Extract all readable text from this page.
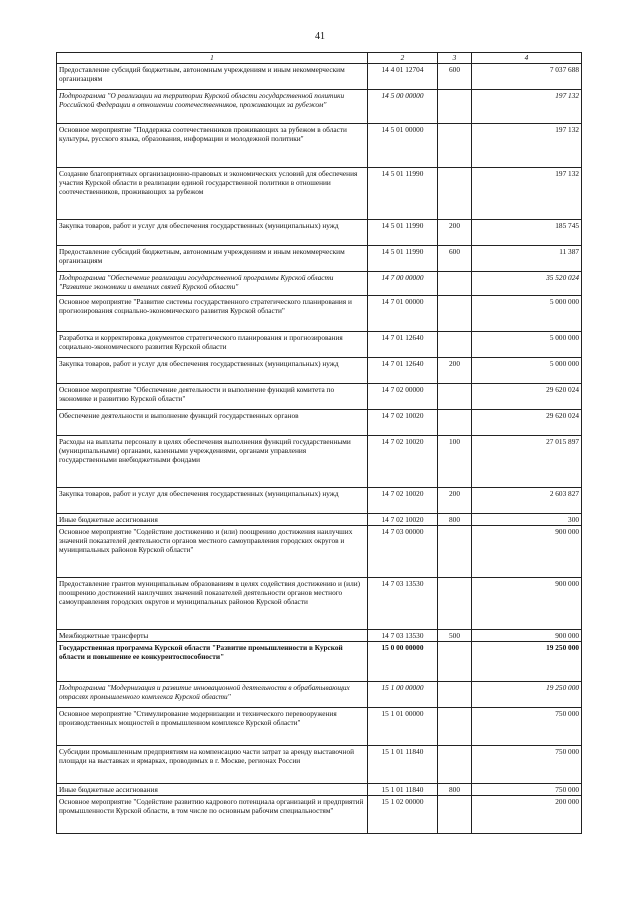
41
1	2	3	4
Предоставление субсидий бюджетным, автономным учреждениям и иным некоммерческим организациям	14 4 01 12704	600	7 037 688
Подпрограмма "О реализации на территории Курской области государственной политики Российской Федерации в отношении соотечественников, проживающих за рубежом"	14 5 00 00000		197 132
Основное мероприятие "Поддержка соотечественников проживающих за рубежом в области культуры, русского языка, образования, информации и молодежной политики"	14 5 01 00000		197 132
Создание благоприятных организационно-правовых и экономических условий для обеспечения участия Курской области в реализации единой государственной политики в отношении соотечественников, проживающих за рубежом	14 5 01 11990		197 132
Закупка товаров, работ и услуг для обеспечения государственных (муниципальных) нужд	14 5 01 11990	200	185 745
Предоставление субсидий бюджетным, автономным учреждениям и иным некоммерческим организациям	14 5 01 11990	600	11 387
Подпрограмма "Обеспечение реализации государственной программы Курской области "Развитие экономики и внешних связей Курской области"	14 7 00 00000		35 520 024
Основное мероприятие "Развитие системы государственного стратегического планирования и прогнозирования социально-экономического развития Курской области"	14 7 01 00000		5 000 000
Разработка и корректировка документов стратегического планирования и прогнозирования социально-экономического развития Курской области	14 7 01 12640		5 000 000
Закупка товаров, работ и услуг для обеспечения государственных (муниципальных) нужд	14 7 01 12640	200	5 000 000
Основное мероприятие "Обеспечение деятельности и выполнение функций комитета по экономике и развитию Курской области"	14 7 02 00000		29 620 024
Обеспечение деятельности и выполнение функций государственных органов	14 7 02 10020		29 620 024
Расходы на выплаты персоналу в целях обеспечения выполнения функций государственными (муниципальными) органами, казенными учреждениями, органами управления государственными внебюджетными фондами	14 7 02 10020	100	27 015 897
Закупка товаров, работ и услуг для обеспечения государственных (муниципальных) нужд	14 7 02 10020	200	2 603 827
Иные бюджетные ассигнования	14 7 02 10020	800	300
Основное мероприятие "Содействие достижению и (или) поощрению достижения наилучших значений показателей деятельности органов местного самоуправления городских округов и муниципальных районов Курской области"	14 7 03 00000		900 000
Предоставление грантов муниципальным образованиям в целях содействия достижению и (или) поощрению достижений наилучших значений показателей деятельности органов местного самоуправления городских округов и муниципальных районов Курской области	14 7 03 13530		900 000
Межбюджетные трансферты	14 7 03 13530	500	900 000
Государственная программа Курской области "Развитие промышленности в Курской области и повышение ее конкурентоспособности"	15 0 00 00000		19 250 000
Подпрограмма "Модернизация и развитие инновационной деятельности в обрабатывающих отраслях промышленного комплекса Курской области"	15 1 00 00000		19 250 000
Основное мероприятие "Стимулирование модернизации и технического перевооружения производственных мощностей в промышленном комплексе Курской области"	15 1 01 00000		750 000
Субсидии промышленным предприятиям на компенсацию части затрат за аренду выставочной площади на выставках и ярмарках, проводимых в г. Москве, регионах России	15 1 01 11840		750 000
Иные бюджетные ассигнования	15 1 01 11840	800	750 000
Основное мероприятие "Содействие развитию кадрового потенциала организаций и предприятий промышленности Курской области, в том числе по основным рабочим специальностям"	15 1 02 00000		200 000
